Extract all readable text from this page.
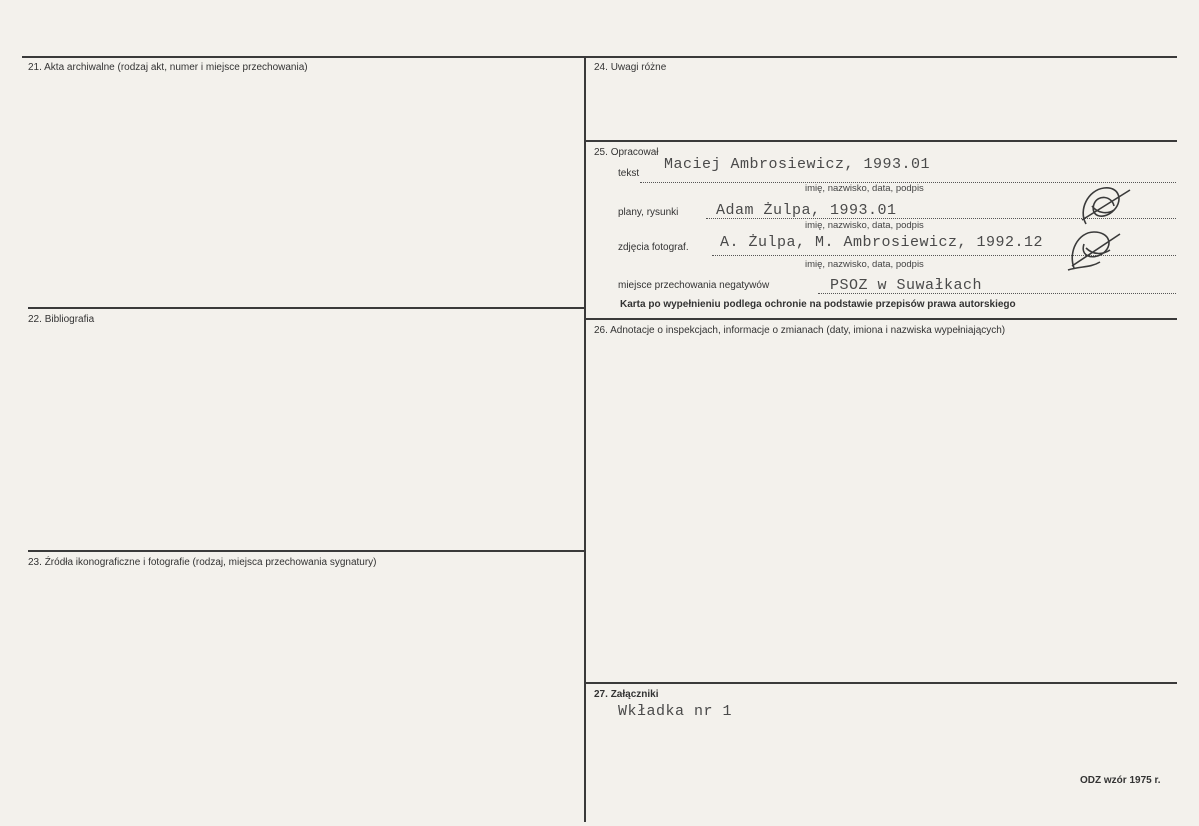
21. Akta archiwalne (rodzaj akt, numer i miejsce przechowania)
22. Bibliografia
23. Źródła ikonograficzne i fotografie (rodzaj, miejsca przechowania sygnatury)
24. Uwagi różne
25. Opracował
tekst
Maciej Ambrosiewicz, 1993.01
imię, nazwisko, data, podpis
plany, rysunki	Adam Żulpa, 1993.01
imię, nazwisko, data, podpis
zdjęcia fotograf. A. Żulpa, M. Ambrosiewicz, 1992.12
imię, nazwisko, data, podpis
miejsce przechowania negatywów	PSOZ w Suwałkach
Karta po wypełnieniu podlega ochronie na podstawie przepisów prawa autorskiego
26. Adnotacje o inspekcjach, informacje o zmianach (daty, imiona i nazwiska wypełniających)
27. Załączniki
Wkładka nr 1
ODZ wzór 1975 r.
